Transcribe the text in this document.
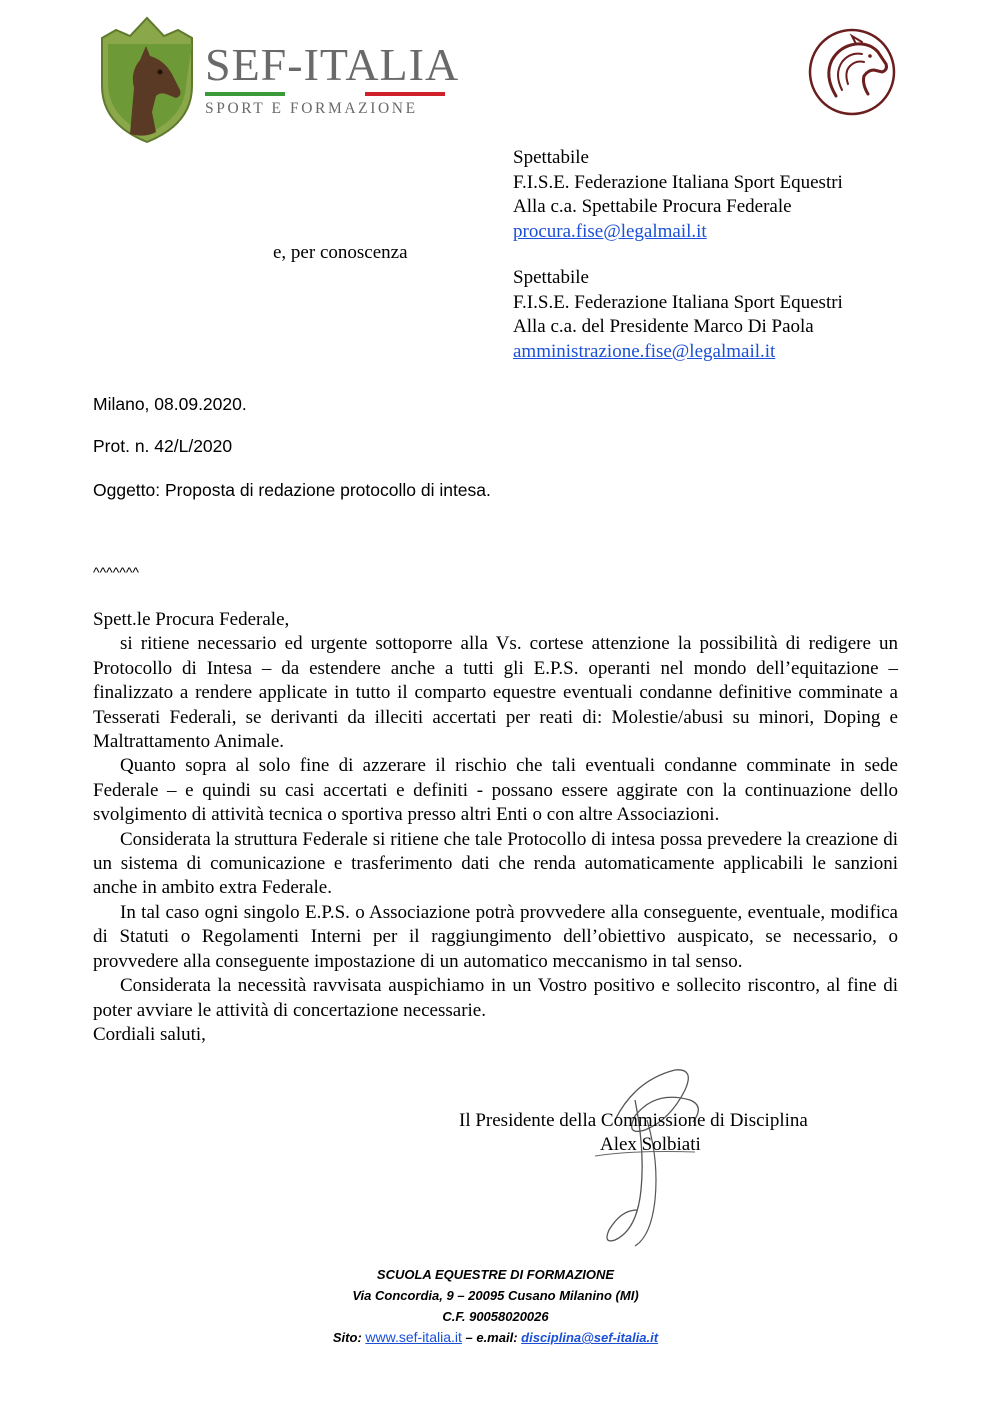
SEF-ITALIA
SPORT E FORMAZIONE
Spettabile
F.I.S.E. Federazione Italiana Sport Equestri
Alla c.a. Spettabile Procura Federale
procura.fise@legalmail.it
e, per conoscenza
Spettabile
F.I.S.E. Federazione Italiana Sport Equestri
Alla c.a. del Presidente Marco Di Paola
amministrazione.fise@legalmail.it
Milano, 08.09.2020.
Prot. n. 42/L/2020
Oggetto: Proposta di redazione protocollo di intesa.
^^^^^^^

Spett.le Procura Federale,

si ritiene necessario ed urgente sottoporre alla Vs. cortese attenzione la possibilità di redigere un Protocollo di Intesa – da estendere anche a tutti gli E.P.S. operanti nel mondo dell’equitazione – finalizzato a rendere applicate in tutto il comparto equestre eventuali condanne definitive comminate a Tesserati Federali, se derivanti da illeciti accertati per reati di: Molestie/abusi su minori, Doping e Maltrattamento Animale.

Quanto sopra al solo fine di azzerare il rischio che tali eventuali condanne comminate in sede Federale – e quindi su casi accertati e definiti - possano essere aggirate con la continuazione dello svolgimento di attività tecnica o sportiva presso altri Enti o con altre Associazioni.

Considerata la struttura Federale si ritiene che tale Protocollo di intesa possa prevedere la creazione di un sistema di comunicazione e trasferimento dati che renda automaticamente applicabili le sanzioni anche in ambito extra Federale.

In tal caso ogni singolo E.P.S. o Associazione potrà provvedere alla conseguente, eventuale, modifica di Statuti o Regolamenti Interni per il raggiungimento dell’obiettivo auspicato, se necessario, o provvedere alla conseguente impostazione di un automatico meccanismo in tal senso.

Considerata la necessità ravvisata auspichiamo in un Vostro positivo e sollecito riscontro, al fine di poter avviare le attività di concertazione necessarie.

Cordiali saluti,

Il Presidente della Commissione di Disciplina
Alex Solbiati
SCUOLA EQUESTRE DI FORMAZIONE
Via Concordia, 9 – 20095 Cusano Milanino (MI)
C.F. 90058020026
Sito: www.sef-italia.it – e.mail: disciplina@sef-italia.it
